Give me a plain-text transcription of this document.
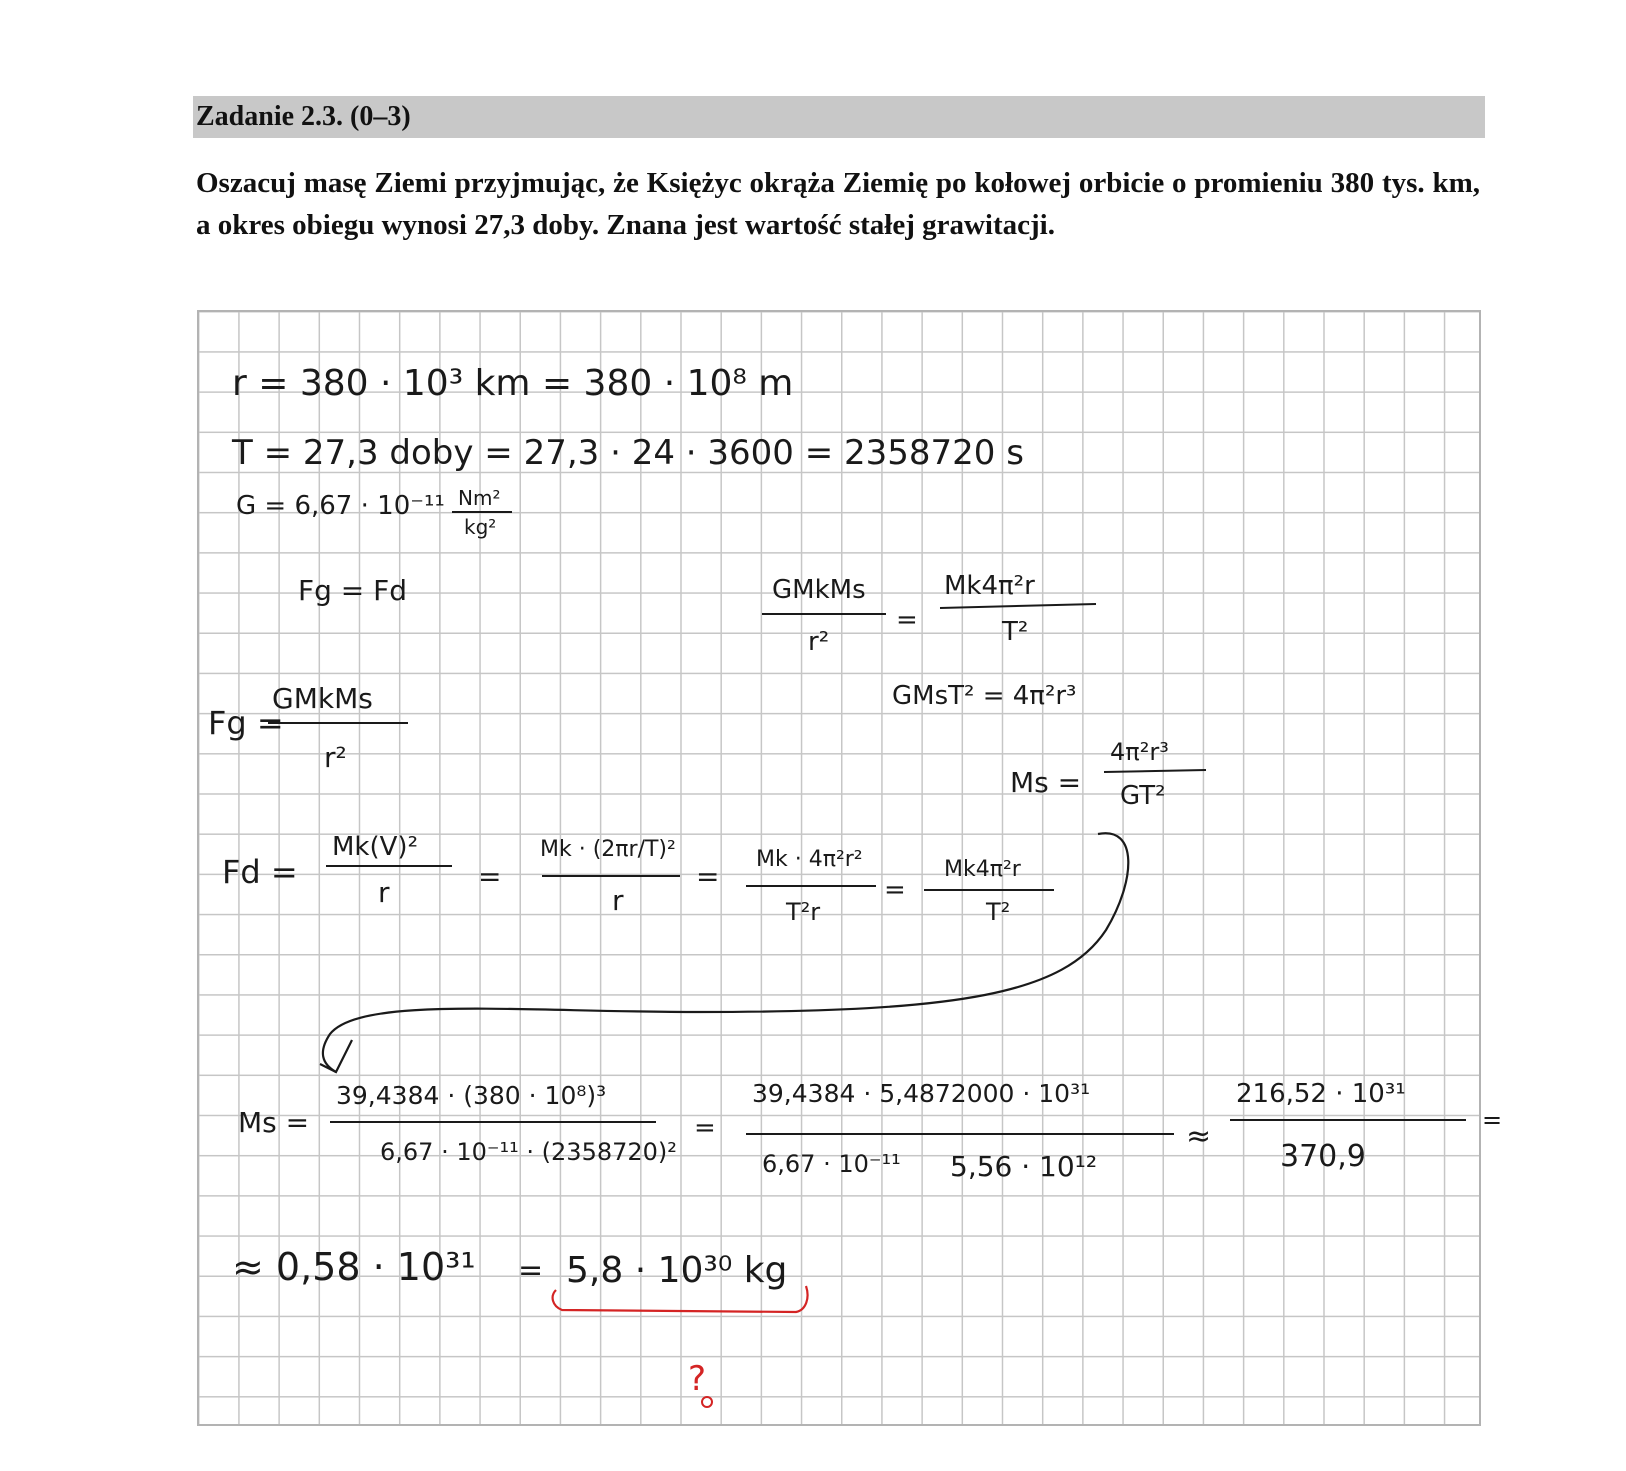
Zadanie 2.3. (0–3)
Oszacuj masę Ziemi przyjmując, że Księżyc okrąża Ziemię po kołowej orbicie o promieniu 380 tys. km, a okres obiegu wynosi 27,3 doby. Znana jest wartość stałej grawitacji.
r = 380 · 10³ km = 380 · 10⁸ m
T = 27,3 doby = 27,3 · 24 · 3600 = 2358720 s
G = 6,67 · 10⁻¹¹ Nm²
kg²
Fg = Fd
Fg =
GMkMs
r²
Fd =
Mk(V)²
r	=
Mk · (2πr/T)²
r
=
Mk · 4π²r²
T²r
=
Mk4π²r
T²
GMkMs
r²
=
Mk4π²r
T²
GMsT² = 4π²r³
Ms =
4π²r³
GT²
Ms =
39,4384 · (380 · 10⁸)³
6,67 · 10⁻¹¹ · (2358720)²
=
39,4384 · 5,4872000 · 10³¹
6,67 · 10⁻¹¹ 5,56 · 10¹²
≈
216,52 · 10³¹
370,9
=
≈ 0,58 · 10³¹ = 5,8 · 10³⁰ kg
?
